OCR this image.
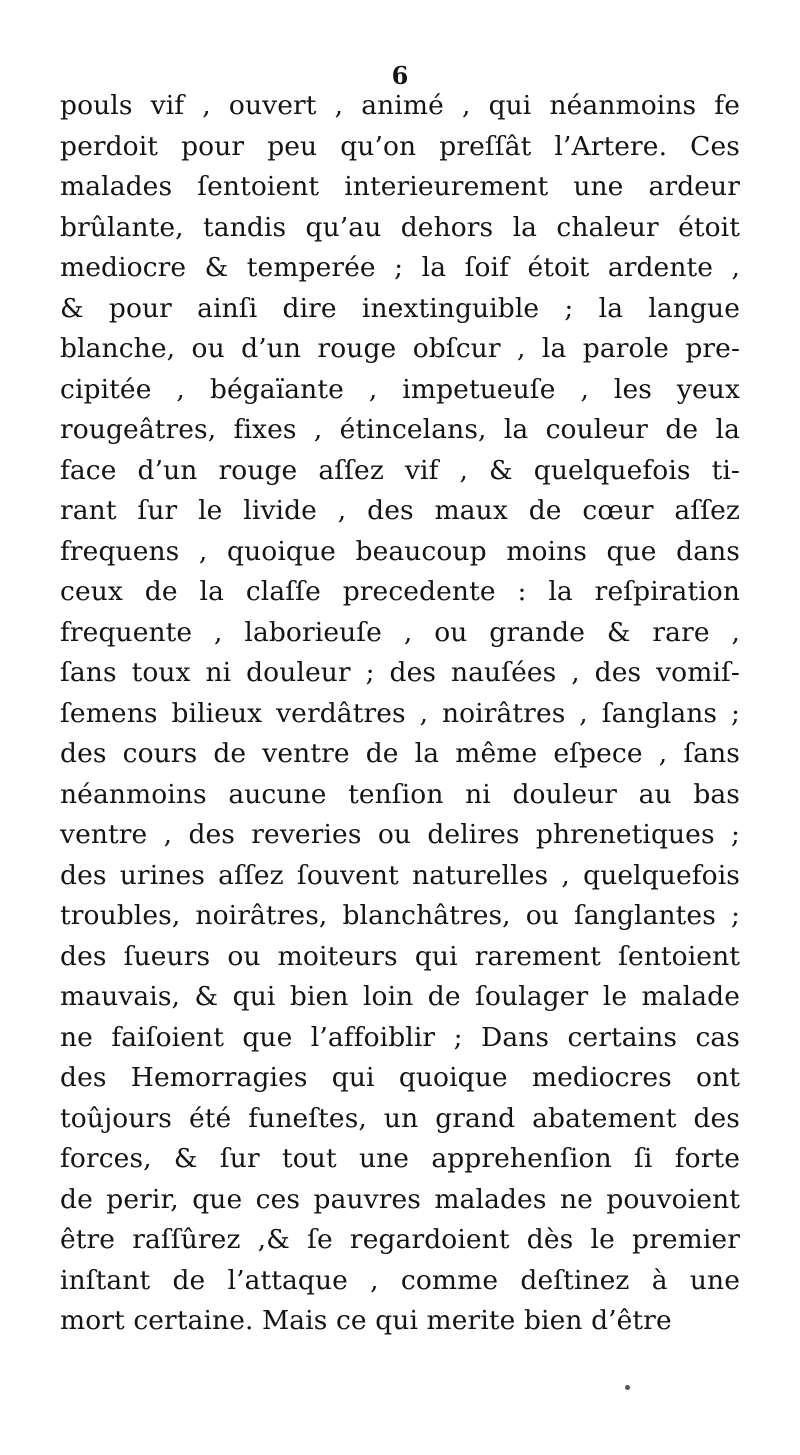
6
pouls vif , ouvert , animé , qui néanmoins fe
perdoit pour peu qu’on preſſât l’Artere. Ces
malades ſentoient interieurement une ardeur
brûlante, tandis qu’au dehors la chaleur étoit
mediocre & temperée ; la ſoif étoit ardente ,
& pour ainſi dire inextinguible ; la langue
blanche, ou d’un rouge obſcur , la parole pre-
cipitée , bégaïante , impetueuſe , les yeux
rougeâtres, fixes , étincelans, la couleur de la
face d’un rouge aſſez vif , & quelquefois ti-
rant ſur le livide , des maux de cœur aſſez
frequens , quoique beaucoup moins que dans
ceux de la claſſe precedente : la reſpiration
frequente , laborieuſe , ou grande & rare ,
ſans toux ni douleur ; des nauſées , des vomiſ-
ſemens bilieux verdâtres , noirâtres , ſanglans ;
des cours de ventre de la même eſpece , ſans
néanmoins aucune tenſion ni douleur au bas
ventre , des reveries ou delires phrenetiques ;
des urines aſſez ſouvent naturelles , quelquefois
troubles, noirâtres, blanchâtres, ou ſanglantes ;
des ſueurs ou moiteurs qui rarement ſentoient
mauvais, & qui bien loin de ſoulager le malade
ne faiſoient que l’affoiblir ; Dans certains cas
des Hemorragies qui quoique mediocres ont
toûjours été funeſtes, un grand abatement des
forces, & ſur tout une apprehenſion ſi forte
de perir, que ces pauvres malades ne pouvoient
être raſſûrez ,& ſe regardoient dès le premier
inſtant de l’attaque , comme deſtinez à une
mort certaine. Mais ce qui merite bien d’être
